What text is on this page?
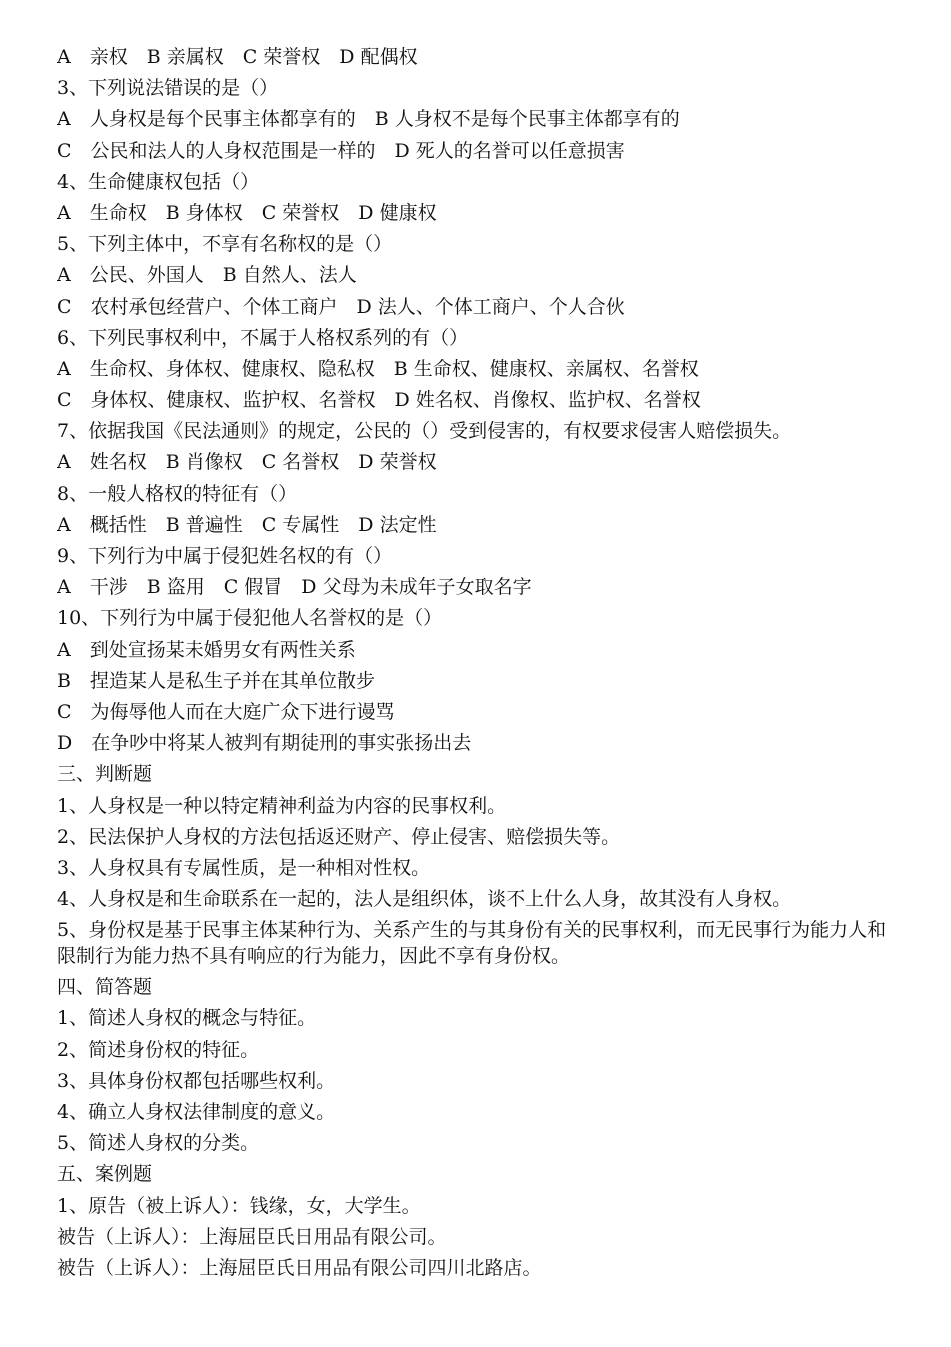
A　亲权　B 亲属权　C 荣誉权　D 配偶权
3、下列说法错误的是（）
A　人身权是每个民事主体都享有的　B 人身权不是每个民事主体都享有的
C　公民和法人的人身权范围是一样的　D 死人的名誉可以任意损害
4、生命健康权包括（）
A　生命权　B 身体权　C 荣誉权　D 健康权
5、下列主体中，不享有名称权的是（）
A　公民、外国人　B 自然人、法人
C　农村承包经营户、个体工商户　D 法人、个体工商户、个人合伙
6、下列民事权利中，不属于人格权系列的有（）
A　生命权、身体权、健康权、隐私权　B 生命权、健康权、亲属权、名誉权
C　身体权、健康权、监护权、名誉权　D 姓名权、肖像权、监护权、名誉权
7、依据我国《民法通则》的规定，公民的（）受到侵害的，有权要求侵害人赔偿损失。
A　姓名权　B 肖像权　C 名誉权　D 荣誉权
8、一般人格权的特征有（）
A　概括性　B 普遍性　C 专属性　D 法定性
9、下列行为中属于侵犯姓名权的有（）
A　干涉　B 盗用　C 假冒　D 父母为未成年子女取名字
10、下列行为中属于侵犯他人名誉权的是（）
A　到处宣扬某未婚男女有两性关系
B　捏造某人是私生子并在其单位散步
C　为侮辱他人而在大庭广众下进行谩骂
D　在争吵中将某人被判有期徒刑的事实张扬出去
三、判断题
1、人身权是一种以特定精神利益为内容的民事权利。
2、民法保护人身权的方法包括返还财产、停止侵害、赔偿损失等。
3、人身权具有专属性质，是一种相对性权。
4、人身权是和生命联系在一起的，法人是组织体，谈不上什么人身，故其没有人身权。
5、身份权是基于民事主体某种行为、关系产生的与其身份有关的民事权利，而无民事行为能力人和限制行为能力热不具有响应的行为能力，因此不享有身份权。
四、简答题
1、简述人身权的概念与特征。
2、简述身份权的特征。
3、具体身份权都包括哪些权利。
4、确立人身权法律制度的意义。
5、简述人身权的分类。
五、案例题
1、原告（被上诉人）：钱缘，女，大学生。
被告（上诉人）：上海屈臣氏日用品有限公司。
被告（上诉人）：上海屈臣氏日用品有限公司四川北路店。
